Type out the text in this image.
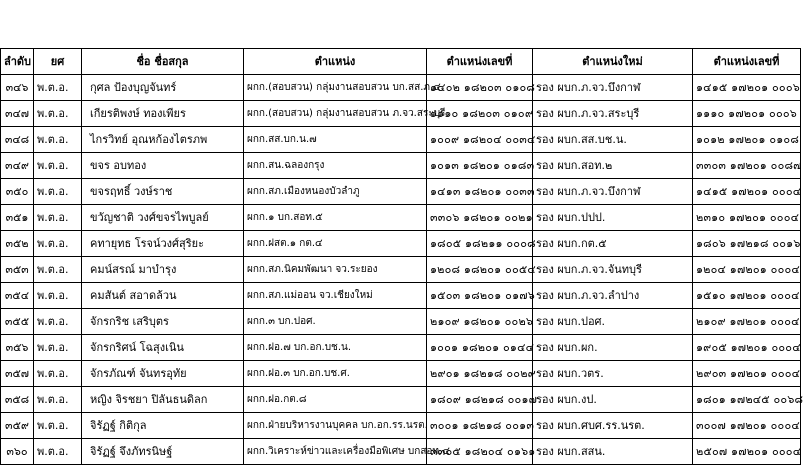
ลำดับ	ยศ	ชื่อ ชื่อสกุล	ตำแหน่ง	ตำแหน่งเลขที่	ตำแหน่งใหม่	ตำแหน่งเลขที่
๓๔๖	พ.ต.อ.	กุศล ป้องบุญจันทร์	ผกก.(สอบสวน) กลุ่มงานสอบสวน บก.สส.ภ.๔	๑๔๐๒ ๑๘๒๐๓ ๐๑๐๘	รอง ผบก.ภ.จว.บึงกาฬ	๑๔๑๕ ๑๗๒๐๑ ๐๐๐๖
๓๔๗	พ.ต.อ.	เกียรติพงษ์ ทองเพียร	ผกก.(สอบสวน) กลุ่มงานสอบสวน ภ.จว.สระบุรี	๑๑๑๐ ๑๘๒๐๓ ๐๑๐๙	รอง ผบก.ภ.จว.สระบุรี	๑๑๑๐ ๑๗๒๐๑ ๐๐๐๖
๓๔๘	พ.ต.อ.	ไกรวิทย์ อุณหก้องไตรภพ	ผกก.สส.บก.น.๗	๑๐๐๙ ๑๘๒๐๔ ๐๐๓๔	รอง ผบก.สส.บช.น.	๑๐๑๒ ๑๗๒๐๑ ๐๑๐๘
๓๔๙	พ.ต.อ.	ขจร อบทอง	ผกก.สน.ฉลองกรุง	๑๐๑๓ ๑๘๒๐๑ ๐๑๘๓	รอง ผบก.สอท.๒	๓๓๐๓ ๑๗๒๐๑ ๐๐๘๗
๓๕๐	พ.ต.อ.	ขจรฤทธิ์ วงษ์ราช	ผกก.สภ.เมืองหนองบัวลำภู	๑๔๑๓ ๑๘๒๐๑ ๐๐๓๓	รอง ผบก.ภ.จว.บึงกาฬ	๑๔๑๕ ๑๗๒๐๑ ๐๐๐๔
๓๕๑	พ.ต.อ.	ขวัญชาติ วงศ์ขจรไพบูลย์	ผกก.๑ บก.สอท.๕	๓๓๐๖ ๑๘๒๐๑ ๐๐๒๑	รอง ผบก.ปปป.	๒๓๑๐ ๑๗๒๐๑ ๐๐๐๔
๓๕๒	พ.ต.อ.	คทายุทธ โรจน์วงศ์สุริยะ	ผกก.ฝสต.๑ กต.๔	๑๘๐๕ ๑๘๒๑๑ ๐๐๐๘	รอง ผบก.กต.๕	๑๘๐๖ ๑๗๒๑๘ ๐๐๑๖
๓๕๓	พ.ต.อ.	คมน์สรณ์ มาบำรุง	ผกก.สภ.นิคมพัฒนา จว.ระยอง	๑๒๐๘ ๑๘๒๐๑ ๐๐๕๔	รอง ผบก.ภ.จว.จันทบุรี	๑๒๐๔ ๑๗๒๐๑ ๐๐๐๔
๓๕๔	พ.ต.อ.	คมสันต์ สอาดล้วน	ผกก.สภ.แม่ออน จว.เชียงใหม่	๑๕๐๓ ๑๘๒๐๑ ๐๑๗๖	รอง ผบก.ภ.จว.ลำปาง	๑๕๑๐ ๑๗๒๐๑ ๐๐๐๔
๓๕๕	พ.ต.อ.	จักรกริช เสริบุตร	ผกก.๓ บก.ปอศ.	๒๑๐๙ ๑๘๒๐๑ ๐๐๒๖	รอง ผบก.ปอศ.	๒๑๐๙ ๑๗๒๐๑ ๐๐๐๔
๓๕๖	พ.ต.อ.	จักรกริศน์ โฉสุงเนิน	ผกก.ฝอ.๗ บก.อก.บช.น.	๑๐๐๑ ๑๘๒๐๑ ๐๑๔๔	รอง ผบก.ผก.	๑๙๐๕ ๑๗๒๐๑ ๐๐๐๔
๓๕๗	พ.ต.อ.	จักรภัณฑ์ จันทรอุทัย	ผกก.ฝอ.๓ บก.อก.บช.ศ.	๒๙๐๑ ๑๘๒๑๘ ๐๐๒๙	รอง ผบก.วตร.	๒๙๐๓ ๑๗๒๐๑ ๐๐๐๔
๓๕๘	พ.ต.อ.	หญิง จิรชยา ปิลันธนดิลก	ผกก.ฝอ.กต.๘	๑๘๐๙ ๑๘๒๑๘ ๐๐๑๗	รอง ผบก.งป.	๑๘๐๑ ๑๗๒๔๕ ๐๐๖๘
๓๕๙	พ.ต.อ.	จิรัฏฐ์ กิติกุล	ผกก.ฝ่ายบริหารงานบุคคล บก.อก.รร.นรต.	๓๐๐๑ ๑๘๒๑๘ ๐๐๑๓	รอง ผบก.ศบศ.รร.นรต.	๓๐๐๗ ๑๗๒๐๑ ๐๐๐๔
๓๖๐	พ.ต.อ.	จิรัฏฐ์ จึงภัทรนิษฐ์	ผกก.วิเคราะห์ข่าวและเครื่องมือพิเศษ บกสอท.๔	๓๓๐๕ ๑๘๒๐๔ ๐๑๖๑	รอง ผบก.สสน.	๒๕๐๗ ๑๗๒๐๑ ๐๐๐๔
